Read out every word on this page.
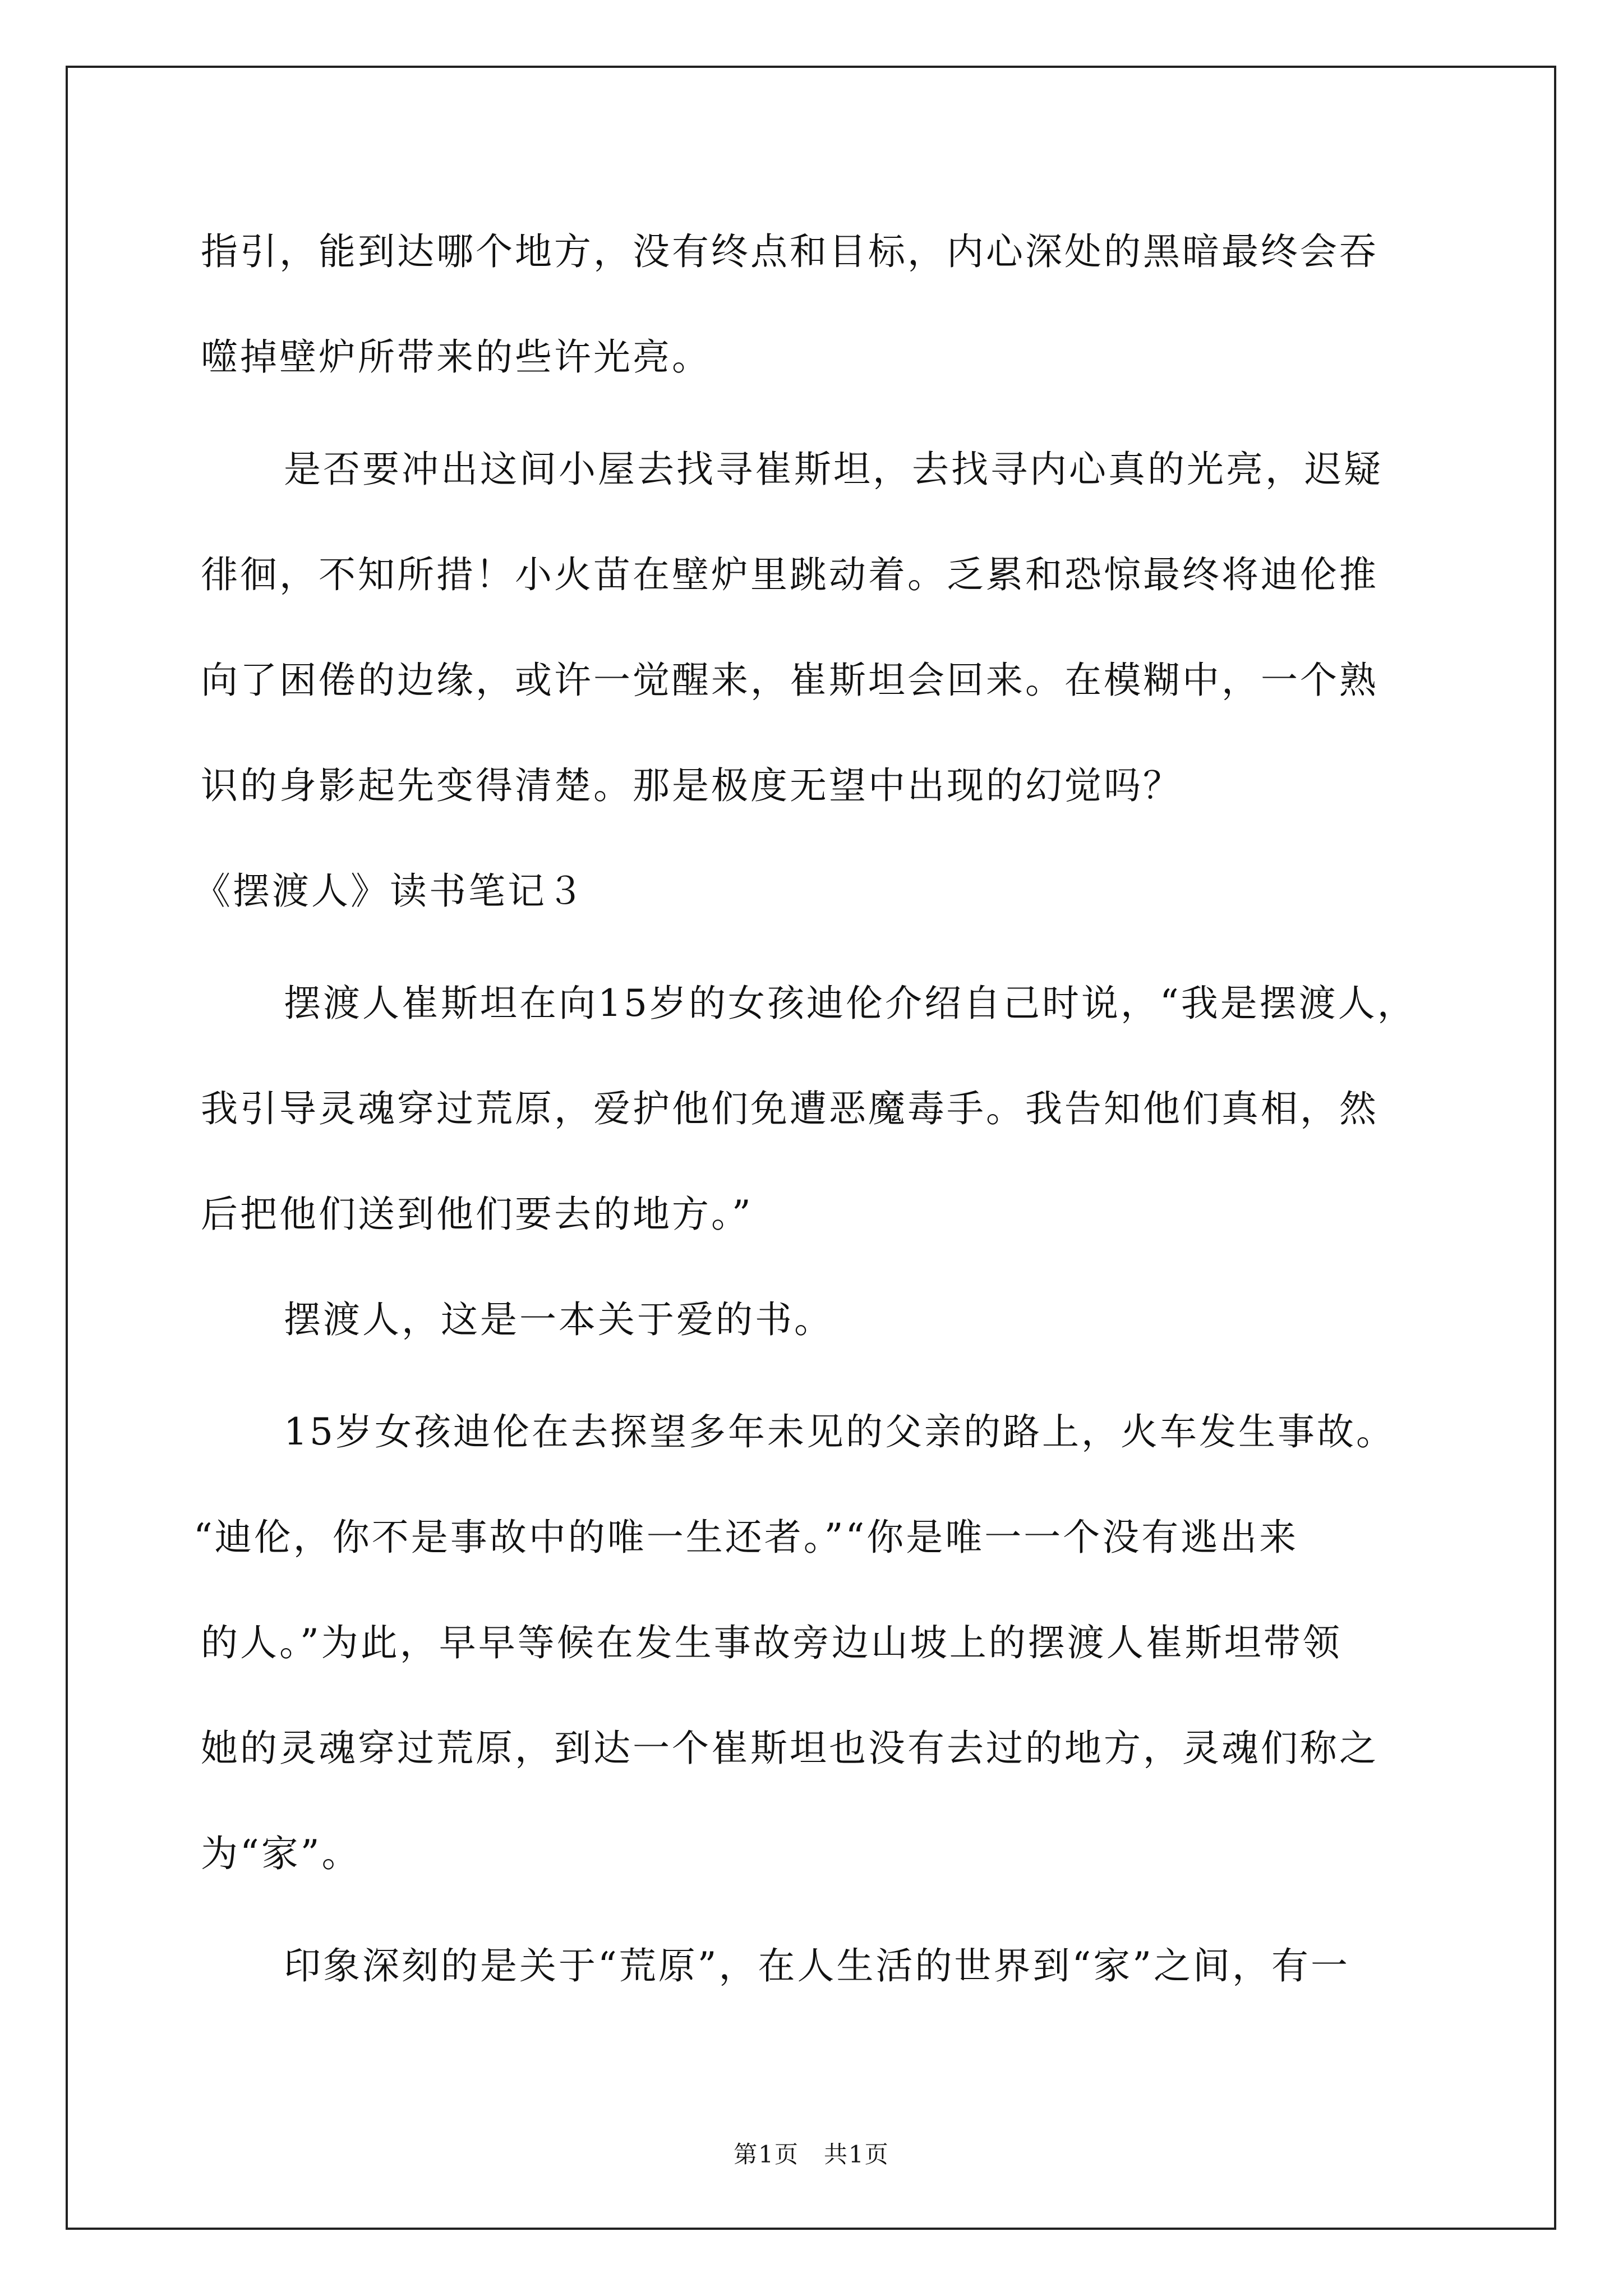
指引，能到达哪个地方，没有终点和目标，内心深处的黑暗最终会吞
噬掉壁炉所带来的些许光亮。
是否要冲出这间小屋去找寻崔斯坦，去找寻内心真的光亮，迟疑
徘徊，不知所措！小火苗在壁炉里跳动着。乏累和恐惊最终将迪伦推
向了困倦的边缘，或许一觉醒来，崔斯坦会回来。在模糊中，一个熟
识的身影起先变得清楚。那是极度无望中出现的幻觉吗？
《摆渡人》读书笔记３
摆渡人崔斯坦在向15岁的女孩迪伦介绍自己时说，“我是摆渡人，
我引导灵魂穿过荒原，爱护他们免遭恶魔毒手。我告知他们真相，然
后把他们送到他们要去的地方。”
摆渡人，这是一本关于爱的书。
15岁女孩迪伦在去探望多年未见的父亲的路上，火车发生事故。
“迪伦，你不是事故中的唯一生还者。”“你是唯一一个没有逃出来
的人。”为此，早早等候在发生事故旁边山坡上的摆渡人崔斯坦带领
她的灵魂穿过荒原，到达一个崔斯坦也没有去过的地方，灵魂们称之
为“家”。
印象深刻的是关于“荒原”，在人生活的世界到“家”之间，有一
第1页　共1页
